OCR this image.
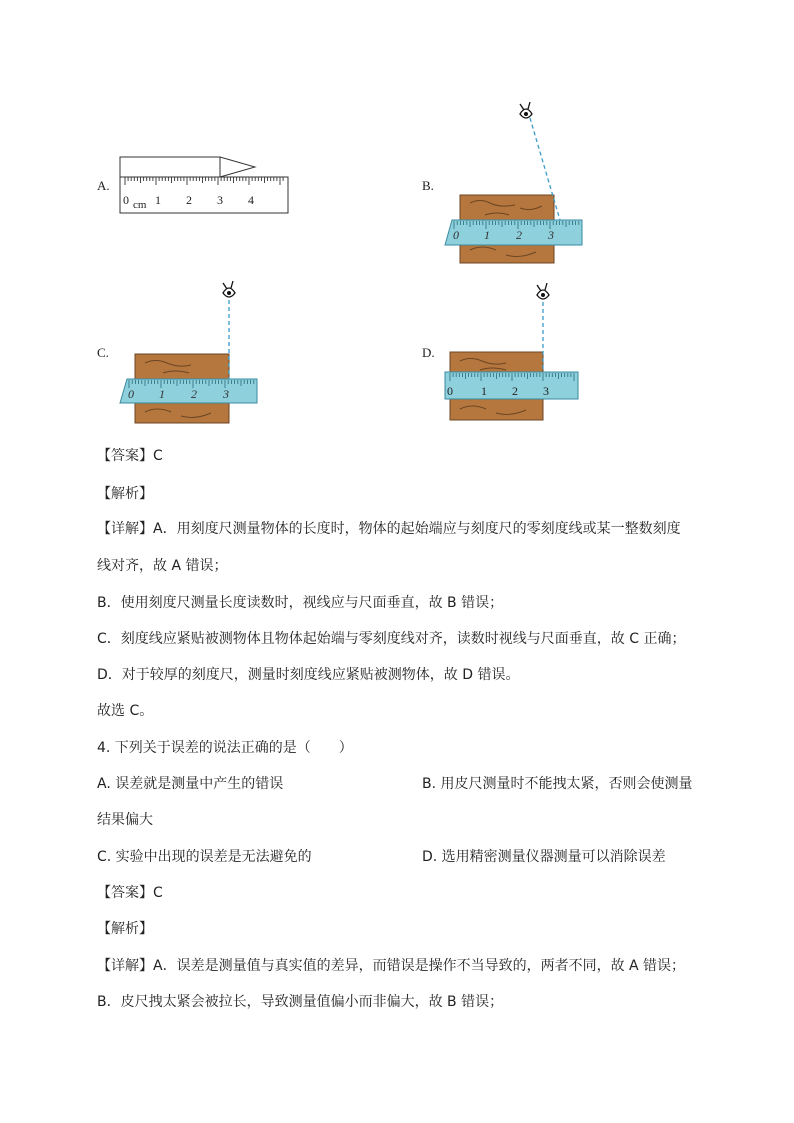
A.
0 cm 1 2 3 4
B.
0 1 2 3
C.
0 1 2 3
D.
0 1 2 3
【答案】C
【解析】
【详解】A．用刻度尺测量物体的长度时，物体的起始端应与刻度尺的零刻度线或某一整数刻度
线对齐，故 A 错误；
B．使用刻度尺测量长度读数时，视线应与尺面垂直，故 B 错误；
C．刻度线应紧贴被测物体且物体起始端与零刻度线对齐，读数时视线与尺面垂直，故 C 正确；
D．对于较厚的刻度尺，测量时刻度线应紧贴被测物体，故 D 错误。
故选 C。
4. 下列关于误差的说法正确的是（　　）
A. 误差就是测量中产生的错误	B. 用皮尺测量时不能拽太紧，否则会使测量
结果偏大
C. 实验中出现的误差是无法避免的	D. 选用精密测量仪器测量可以消除误差
【答案】C
【解析】
【详解】A．误差是测量值与真实值的差异，而错误是操作不当导致的，两者不同，故 A 错误；
B．皮尺拽太紧会被拉长，导致测量值偏小而非偏大，故 B 错误；
